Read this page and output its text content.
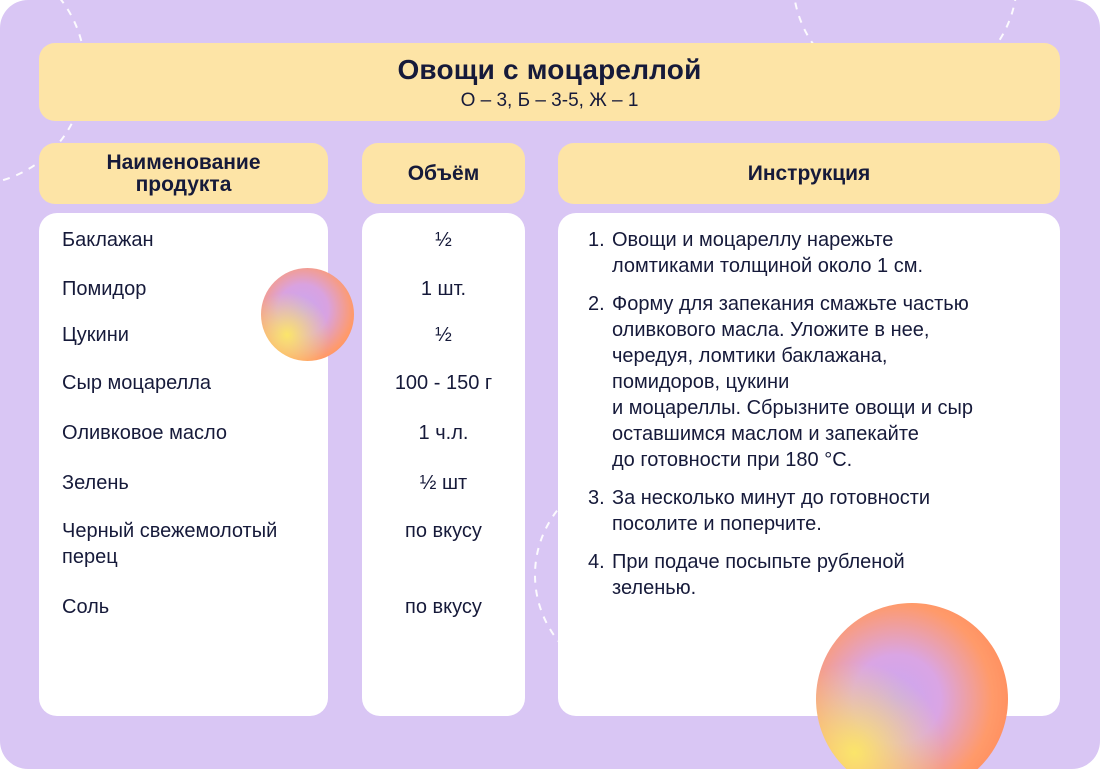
Овощи с моцареллой
О – 3, Б – 3-5, Ж – 1
Наименование продукта	Объём	Инструкция
Баклажан
Помидор
Цукини
Сыр моцарелла
Оливковое масло
Зелень
Черный свежемолотый перец
Соль
½
1 шт.
½
100 - 150 г
1 ч.л.
½ шт
по вкусу
по вкусу
1. Овощи и моцареллу нарежьте
ломтиками толщиной около 1 см.
2. Форму для запекания смажьте частью
оливкового масла. Уложите в нее,
чередуя, ломтики баклажана,
помидоров, цукини
и моцареллы. Сбрызните овощи и сыр
оставшимся маслом и запекайте
до готовности при 180 °C.
3. За несколько минут до готовности
посолите и поперчите.
4. При подаче посыпьте рубленой
зеленью.
